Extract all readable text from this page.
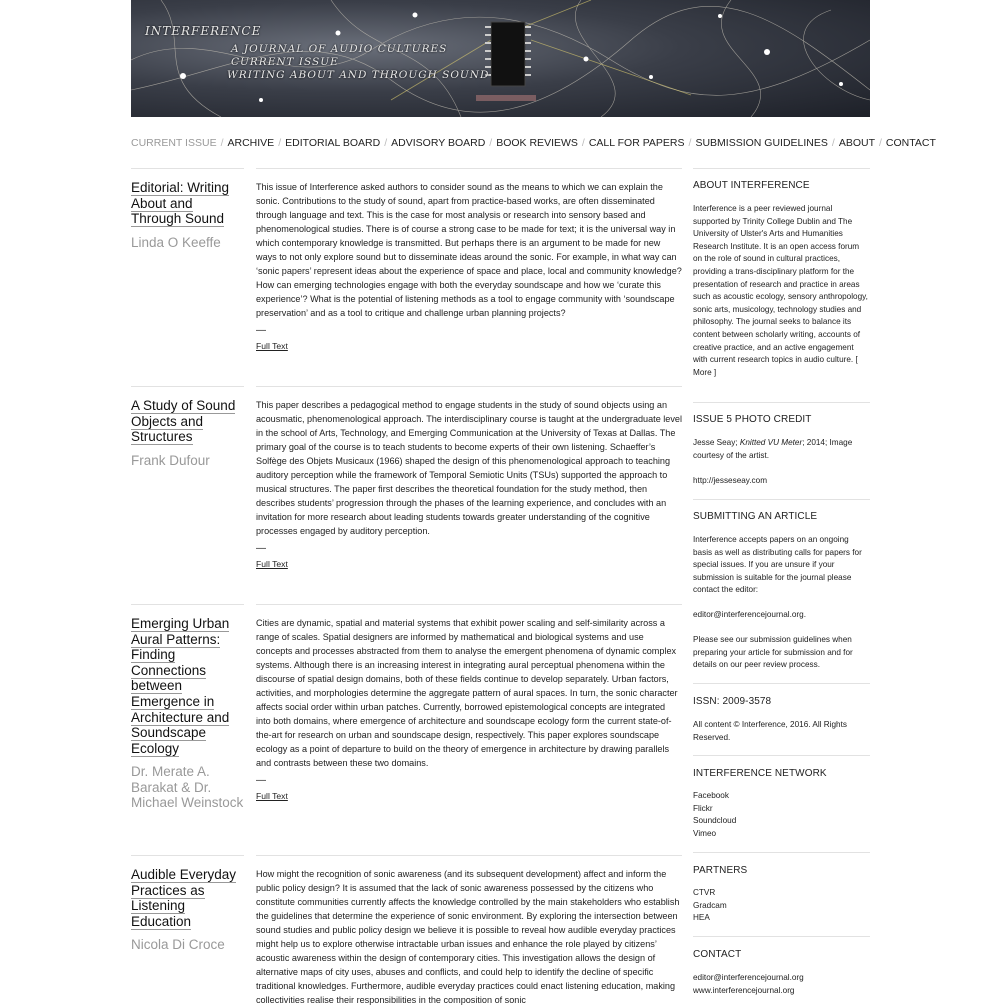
INTERFERENCE
A JOURNAL OF AUDIO CULTURES
CURRENT ISSUE
WRITING ABOUT AND THROUGH SOUND
CURRENT ISSUE / ARCHIVE / EDITORIAL BOARD / ADVISORY BOARD / BOOK REVIEWS / CALL FOR PAPERS / SUBMISSION GUIDELINES / ABOUT / CONTACT
Editorial: Writing About and Through Sound
Linda O Keeffe
This issue of Interference asked authors to consider sound as the means to which we can explain the sonic. Contributions to the study of sound, apart from practice-based works, are often disseminated through language and text. This is the case for most analysis or research into sensory based and phenomenological studies. There is of course a strong case to be made for text; it is the universal way in which contemporary knowledge is transmitted. But perhaps there is an argument to be made for new ways to not only explore sound but to disseminate ideas around the sonic. For example, in what way can ‘sonic papers’ represent ideas about the experience of space and place, local and community knowledge? How can emerging technologies engage with both the everyday soundscape and how we ‘curate this experience’? What is the potential of listening methods as a tool to engage community with ‘soundscape preservation’ and as a tool to critique and challenge urban planning projects?
—
Full Text
A Study of Sound Objects and Structures
Frank Dufour
This paper describes a pedagogical method to engage students in the study of sound objects using an acousmatic, phenomenological approach. The interdisciplinary course is taught at the undergraduate level in the school of Arts, Technology, and Emerging Communication at the University of Texas at Dallas. The primary goal of the course is to teach students to become experts of their own listening. Schaeffer’s Solfège des Objets Musicaux (1966) shaped the design of this phenomenological approach to teaching auditory perception while the framework of Temporal Semiotic Units (TSUs) supported the approach to musical structures. The paper first describes the theoretical foundation for the study method, then describes students’ progression through the phases of the learning experience, and concludes with an invitation for more research about leading students towards greater understanding of the cognitive processes engaged by auditory perception.
—
Full Text
Emerging Urban Aural Patterns: Finding Connections between Emergence in Architecture and Soundscape Ecology
Dr. Merate A. Barakat & Dr. Michael Weinstock
Cities are dynamic, spatial and material systems that exhibit power scaling and self-similarity across a range of scales. Spatial designers are informed by mathematical and biological systems and use concepts and processes abstracted from them to analyse the emergent phenomena of dynamic complex systems. Although there is an increasing interest in integrating aural perceptual phenomena within the discourse of spatial design domains, both of these fields continue to develop separately. Urban factors, activities, and morphologies determine the aggregate pattern of aural spaces. In turn, the sonic character affects social order within urban patches. Currently, borrowed epistemological concepts are integrated into both domains, where emergence of architecture and soundscape ecology form the current state-of-the-art for research on urban and soundscape design, respectively. This paper explores soundscape ecology as a point of departure to build on the theory of emergence in architecture by drawing parallels and contrasts between these two domains.
—
Full Text
Audible Everyday Practices as Listening Education
Nicola Di Croce
How might the recognition of sonic awareness (and its subsequent development) affect and inform the public policy design? It is assumed that the lack of sonic awareness possessed by the citizens who constitute communities currently affects the knowledge controlled by the main stakeholders who establish the guidelines that determine the experience of sonic environment. By exploring the intersection between sound studies and public policy design we believe it is possible to reveal how audible everyday practices might help us to explore otherwise intractable urban issues and enhance the role played by citizens’ acoustic awareness within the design of contemporary cities. This investigation allows the design of alternative maps of city uses, abuses and conflicts, and could help to identify the decline of specific traditional knowledges. Furthermore, audible everyday practices could enact listening education, making collectivities realise their responsibilities in the composition of sonic
ABOUT INTERFERENCE
Interference is a peer reviewed journal supported by Trinity College Dublin and The University of Ulster's Arts and Humanities Research Institute. It is an open access forum on the role of sound in cultural practices, providing a trans-disciplinary platform for the presentation of research and practice in areas such as acoustic ecology, sensory anthropology, sonic arts, musicology, technology studies and philosophy. The journal seeks to balance its content between scholarly writing, accounts of creative practice, and an active engagement with current research topics in audio culture. [ More ]
ISSUE 5 PHOTO CREDIT
Jesse Seay; Knitted VU Meter; 2014; Image courtesy of the artist.
http://jesseseay.com
SUBMITTING AN ARTICLE
Interference accepts papers on an ongoing basis as well as distributing calls for papers for special issues. If you are unsure if your submission is suitable for the journal please contact the editor:
editor@interferencejournal.org.
Please see our submission guidelines when preparing your article for submission and for details on our peer review process.
ISSN: 2009-3578
All content © Interference, 2016. All Rights Reserved.
INTERFERENCE NETWORK
Facebook
Flickr
Soundcloud
Vimeo
PARTNERS
CTVR
Gradcam
HEA
CONTACT
editor@interferencejournal.org
www.interferencejournal.org
